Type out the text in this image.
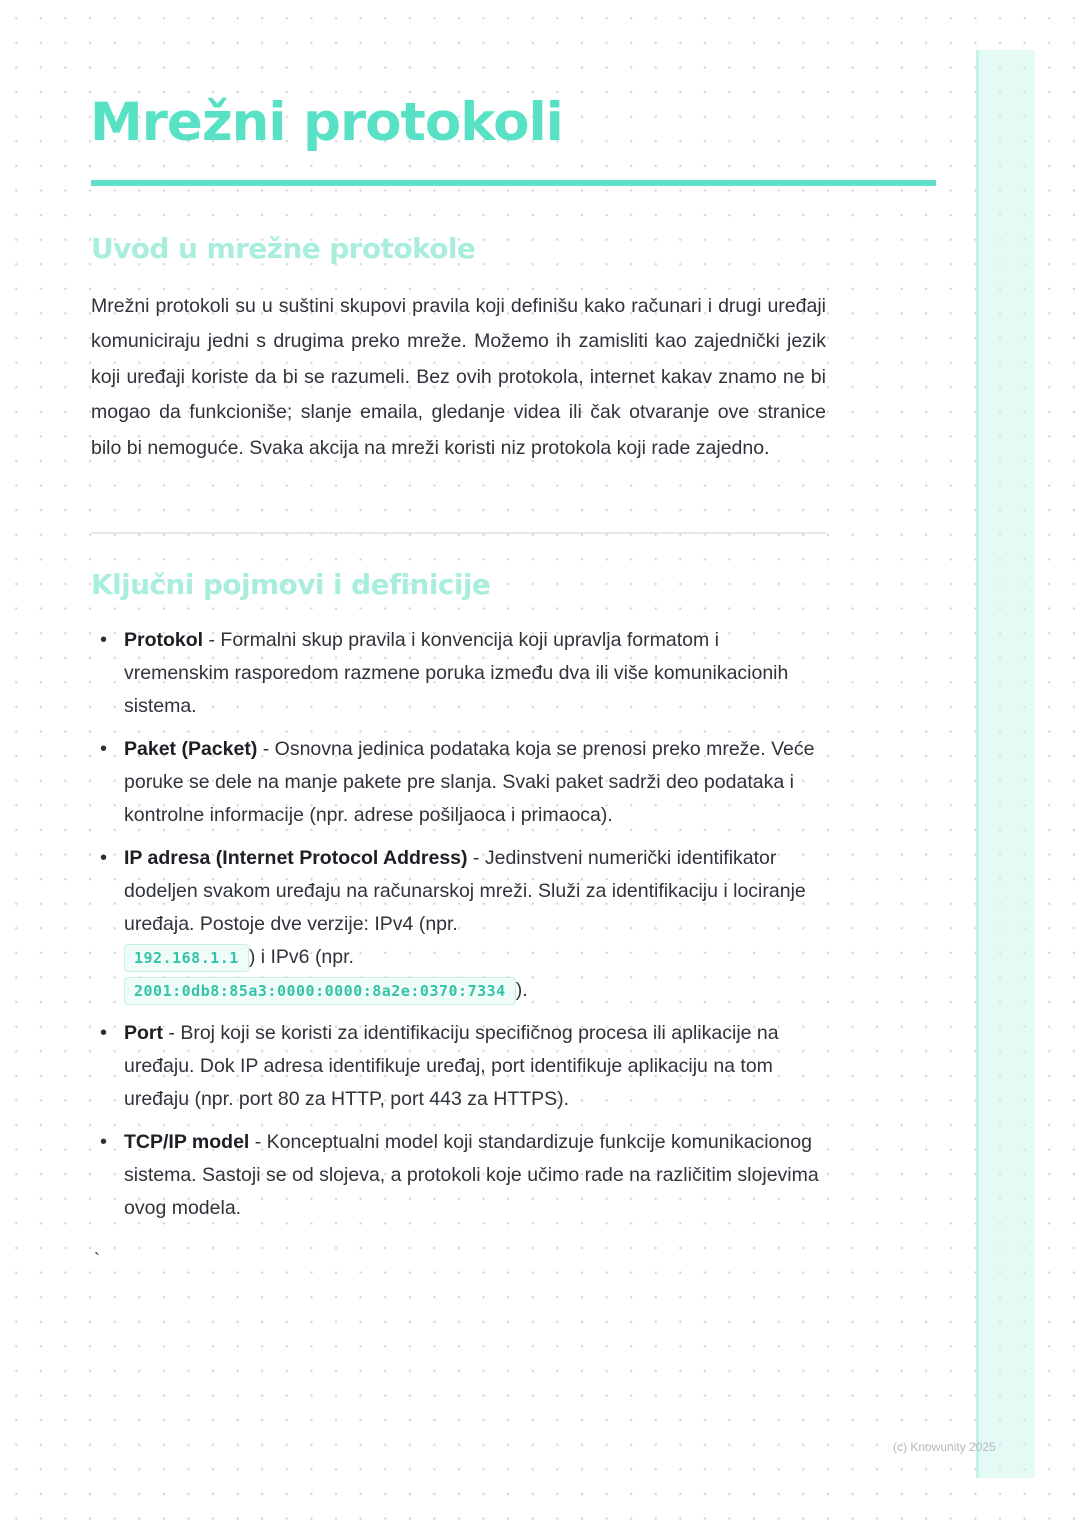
Mrežni protokoli
Uvod u mrežne protokole

Mrežni protokoli su u suštini skupovi pravila koji definišu kako računari i drugi uređaji komuniciraju jedni s drugima preko mreže. Možemo ih zamisliti kao zajednički jezik koji uređaji koriste da bi se razumeli. Bez ovih protokola, internet kakav znamo ne bi mogao da funkcioniše; slanje emaila, gledanje videa ili čak otvaranje ove stranice bilo bi nemoguće. Svaka akcija na mreži koristi niz protokola koji rade zajedno.

Ključni pojmovi i definicije
• Protokol - Formalni skup pravila i konvencija koji upravlja formatom i vremenskim rasporedom razmene poruka između dva ili više komunikacionih sistema.
• Paket (Packet) - Osnovna jedinica podataka koja se prenosi preko mreže. Veće poruke se dele na manje pakete pre slanja. Svaki paket sadrži deo podataka i kontrolne informacije (npr. adrese pošiljaoca i primaoca).
• IP adresa (Internet Protocol Address) - Jedinstveni numerički identifikator dodeljen svakom uređaju na računarskoj mreži. Služi za identifikaciju i lociranje uređaja. Postoje dve verzije: IPv4 (npr.
192.168.1.1 ) i IPv6 (npr.
2001:0db8:85a3:0000:0000:8a2e:0370:7334 ).
• Port - Broj koji se koristi za identifikaciju specifičnog procesa ili aplikacije na uređaju. Dok IP adresa identifikuje uređaj, port identifikuje aplikaciju na tom uređaju (npr. port 80 za HTTP, port 443 za HTTPS).
• TCP/IP model - Konceptualni model koji standardizuje funkcije komunikacionog sistema. Sastoji se od slojeva, a protokoli koje učimo rade na različitim slojevima ovog modela.
`
(c) Knowunity 2025
